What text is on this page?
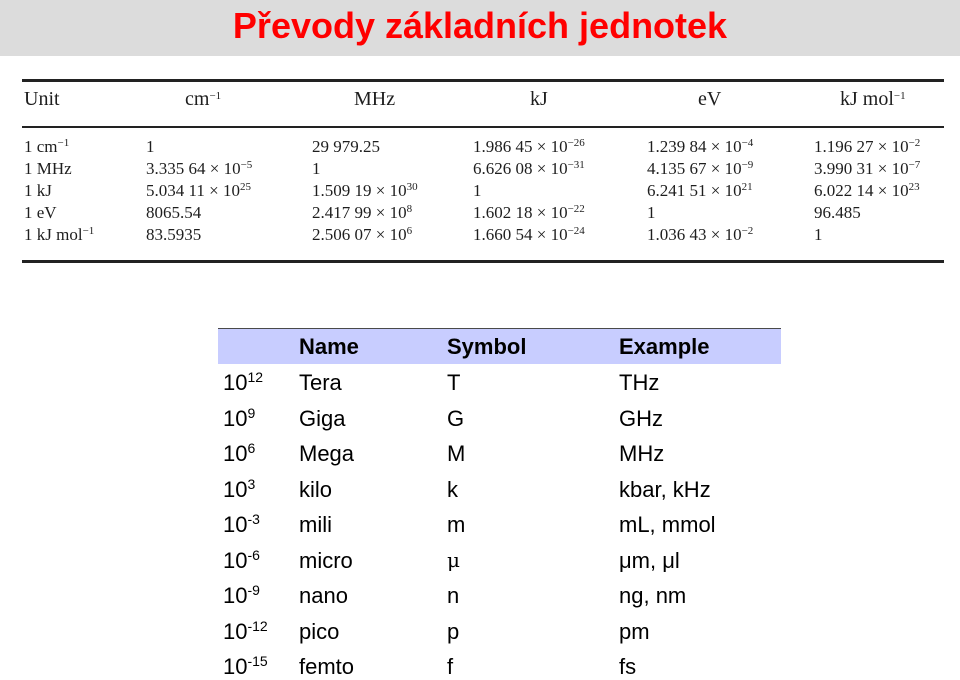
Převody základních jednotek
Unit	$cm^{-1}$	MHz	kJ	eV	kJ mol$^{-1}$
1 $cm^{-1}$	1	29 979.25	1.986 $45 \times 10^{-26}$	1.239 $84 \times 10^{-4}$	1.196 $27 \times 10^{-2}$
1 MHz	3.335 $64 \times 10^{-5}$	1	6.626 $08 \times 10^{-31}$	4.135 $67 \times 10^{-9}$	3.990 $31 \times 10^{-7}$
1 kJ	5.034 $11 \times 10^{25}$	1.509 $19 \times 10^{30}$	1	6.241 $51 \times 10^{21}$	6.022 $14 \times 10^{23}$
1 eV	8065.54	2.417 $99 \times 10^8$	1.602 $18 \times 10^{-22}$	1	96.485
1 kJ mol$^{-1}$	83.5935	2.506 $07 \times 10^6$	1.660 $54 \times 10^{-24}$	1.036 $43 \times 10^{-2}$	1
Name	Symbol	Example
$10^{12}$ Tera	T	THz
$10^9$ Giga	G	GHz
$10^6$ Mega	M	MHz
$10^3$ kilo	k	kbar, kHz
$10^{-3}$ mili	m	mL, mmol
$10^{-6}$ micro	μ	μm, μl
$10^{-9}$ nano	n	ng, nm
$10^{-12}$ pico	p	pm
$10^{-15}$ femto	f	fs
